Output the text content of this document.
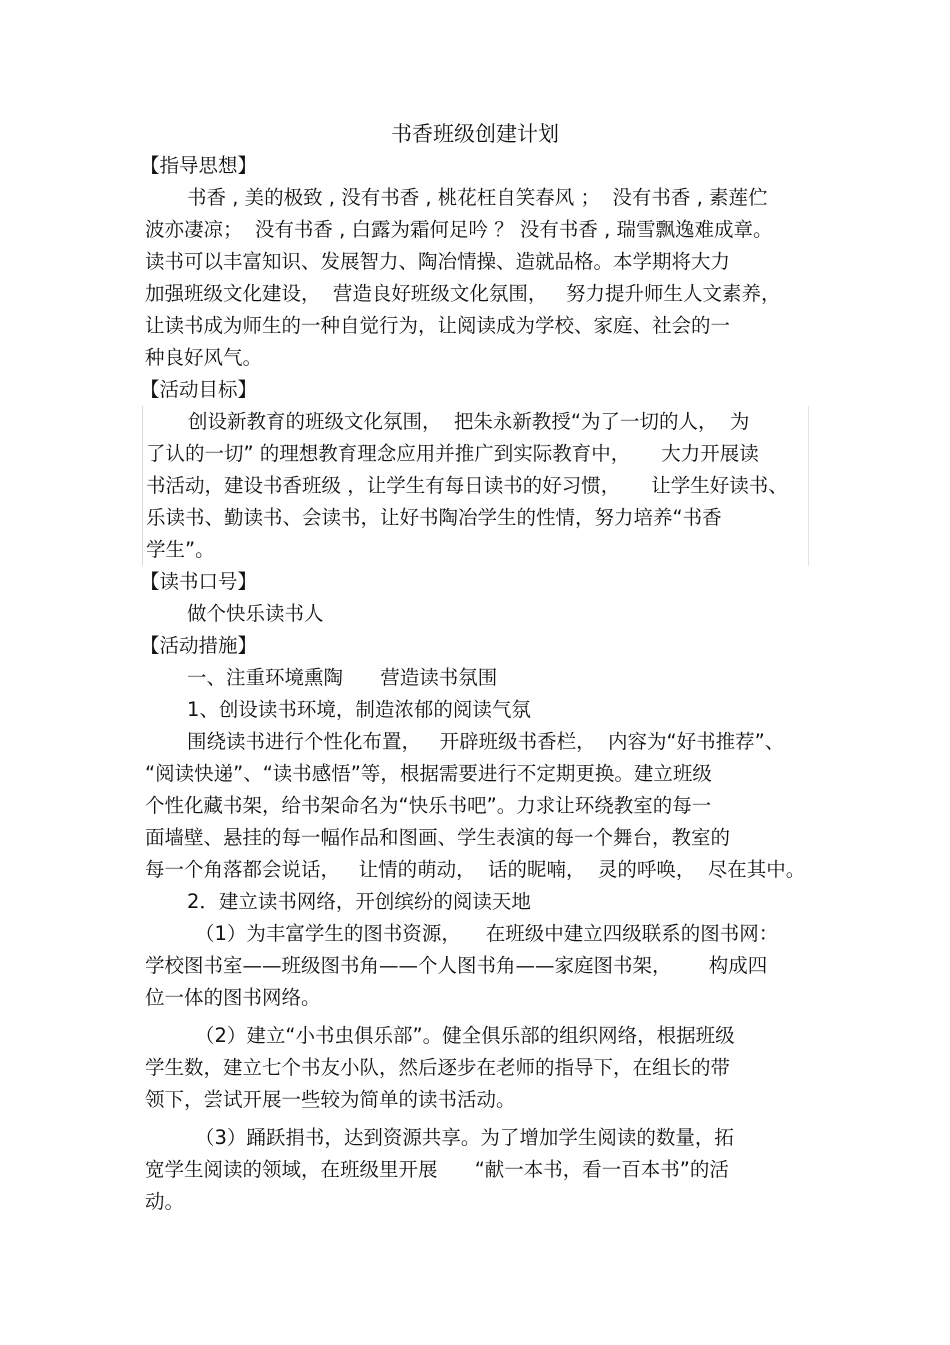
书香班级创建计划
【指导思想】
书香 , 美的极致 , 没有书香 , 桃花枉自笑春风 ；  没有书香 , 素莲伫
波亦凄凉；  没有书香 , 白露为霜何足吟 ？ 没有书香 , 瑞雪飘逸难成章。
读书可以丰富知识、发展智力、陶冶情操、造就品格。本学期将大力
加强班级文化建设，  营造良好班级文化氛围，   努力提升师生人文素养，
让读书成为师生的一种自觉行为，让阅读成为学校、家庭、社会的一
种良好风气。
【活动目标】
创设新教育的班级文化氛围，  把朱永新教授“为了一切的人，  为
了认的一切” 的理想教育理念应用并推广到实际教育中，     大力开展读
书活动，建设书香班级 ，让学生有每日读书的好习惯，     让学生好读书、
乐读书、勤读书、会读书，让好书陶冶学生的性情，努力培养“书香
学生”。
【读书口号】
做个快乐读书人
【活动措施】
一、注重环境熏陶      营造读书氛围
1、创设读书环境，制造浓郁的阅读气氛
围绕读书进行个性化布置，   开辟班级书香栏，  内容为“好书推荐”、
“阅读快递”、“读书感悟”等，根据需要进行不定期更换。建立班级
个性化藏书架，给书架命名为“快乐书吧”。力求让环绕教室的每一
面墙壁、悬挂的每一幅作品和图画、学生表演的每一个舞台，教室的
每一个角落都会说话，   让情的萌动，  话的昵喃，  灵的呼唤，  尽在其中。
2．建立读书网络，开创缤纷的阅读天地
（1）为丰富学生的图书资源，    在班级中建立四级联系的图书网：
学校图书室——班级图书角——个人图书角——家庭图书架，      构成四
位一体的图书网络。
（2）建立“小书虫俱乐部”。健全俱乐部的组织网络，根据班级
学生数，建立七个书友小队，然后逐步在老师的指导下，在组长的带
领下，尝试开展一些较为简单的读书活动。
（3）踊跃捐书，达到资源共享。为了增加学生阅读的数量，拓
宽学生阅读的领域，在班级里开展      “献一本书，看一百本书”的活
动。
